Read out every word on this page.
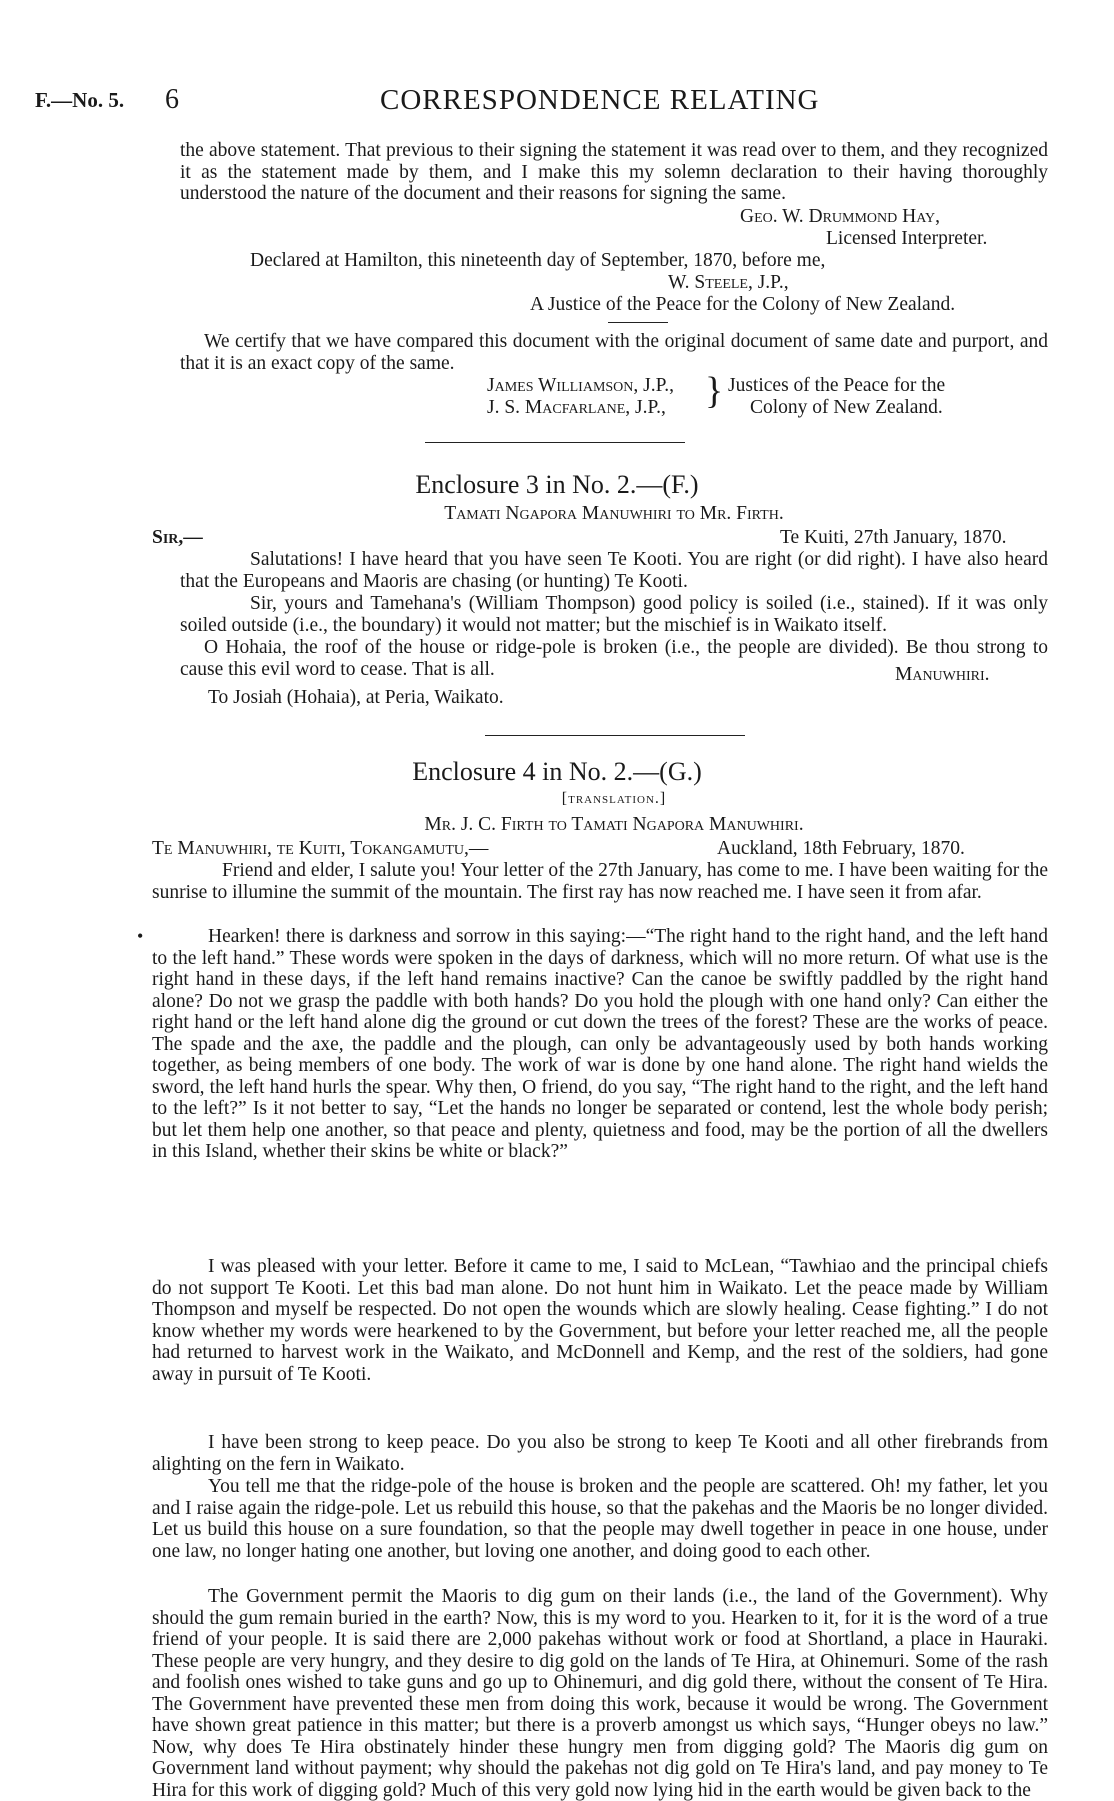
F.—No. 5. 6	CORRESPONDENCE RELATING
the above statement. That previous to their signing the statement it was read over to them, and they recognized it as the statement made by them, and I make this my solemn declaration to their having thoroughly understood the nature of the document and their reasons for signing the same.
Geo. W. Drummond Hay,
Licensed Interpreter.
Declared at Hamilton, this nineteenth day of September, 1870, before me,
W. Steele, J.P.,
A Justice of the Peace for the Colony of New Zealand.
We certify that we have compared this document with the original document of same date and purport, and that it is an exact copy of the same.
James Williamson, J.P.,
J. S. Macfarlane, J.P., } Justices of the Peace for the
Colony of New Zealand.
Enclosure 3 in No. 2.—(F.)
Tamati Ngapora Manuwhiri to Mr. Firth.
Sir,—	Te Kuiti, 27th January, 1870.
Salutations! I have heard that you have seen Te Kooti. You are right (or did right). I have also heard that the Europeans and Maoris are chasing (or hunting) Te Kooti.
Sir, yours and Tamehana's (William Thompson) good policy is soiled (i.e., stained). If it was only soiled outside (i.e., the boundary) it would not matter; but the mischief is in Waikato itself.
O Hohaia, the roof of the house or ridge-pole is broken (i.e., the people are divided). Be thou strong to cause this evil word to cease. That is all.	Manuwhiri.
To Josiah (Hohaia), at Peria, Waikato.
Enclosure 4 in No. 2.—(G.)
[translation.]
Mr. J. C. Firth to Tamati Ngapora Manuwhiri.
Te Manuwhiri, te Kuiti, Tokangamutu,—	Auckland, 18th February, 1870.
Friend and elder, I salute you! Your letter of the 27th January, has come to me. I have been waiting for the sunrise to illumine the summit of the mountain. The first ray has now reached me. I have seen it from afar.
•	Hearken! there is darkness and sorrow in this saying:—“The right hand to the right hand, and the left hand to the left hand.” These words were spoken in the days of darkness, which will no more return. Of what use is the right hand in these days, if the left hand remains inactive? Can the canoe be swiftly paddled by the right hand alone? Do not we grasp the paddle with both hands? Do you hold the plough with one hand only? Can either the right hand or the left hand alone dig the ground or cut down the trees of the forest? These are the works of peace. The spade and the axe, the paddle and the plough, can only be advantageously used by both hands working together, as being members of one body. The work of war is done by one hand alone. The right hand wields the sword, the left hand hurls the spear. Why then, O friend, do you say, “The right hand to the right, and the left hand to the left?” Is it not better to say, “Let the hands no longer be separated or contend, lest the whole body perish; but let them help one another, so that peace and plenty, quietness and food, may be the portion of all the dwellers in this Island, whether their skins be white or black?”
I was pleased with your letter. Before it came to me, I said to McLean, “Tawhiao and the principal chiefs do not support Te Kooti. Let this bad man alone. Do not hunt him in Waikato. Let the peace made by William Thompson and myself be respected. Do not open the wounds which are slowly healing. Cease fighting.” I do not know whether my words were hearkened to by the Government, but before your letter reached me, all the people had returned to harvest work in the Waikato, and McDonnell and Kemp, and the rest of the soldiers, had gone away in pursuit of Te Kooti.
I have been strong to keep peace. Do you also be strong to keep Te Kooti and all other firebrands from alighting on the fern in Waikato.
You tell me that the ridge-pole of the house is broken and the people are scattered. Oh! my father, let you and I raise again the ridge-pole. Let us rebuild this house, so that the pakehas and the Maoris be no longer divided. Let us build this house on a sure foundation, so that the people may dwell together in peace in one house, under one law, no longer hating one another, but loving one another, and doing good to each other.
The Government permit the Maoris to dig gum on their lands (i.e., the land of the Government). Why should the gum remain buried in the earth? Now, this is my word to you. Hearken to it, for it is the word of a true friend of your people. It is said there are 2,000 pakehas without work or food at Shortland, a place in Hauraki. These people are very hungry, and they desire to dig gold on the lands of Te Hira, at Ohinemuri. Some of the rash and foolish ones wished to take guns and go up to Ohinemuri, and dig gold there, without the consent of Te Hira. The Government have prevented these men from doing this work, because it would be wrong. The Government have shown great patience in this matter; but there is a proverb amongst us which says, “Hunger obeys no law.” Now, why does Te Hira obstinately hinder these hungry men from digging gold? The Maoris dig gum on Government land without payment; why should the pakehas not dig gold on Te Hira's land, and pay money to Te Hira for this work of digging gold? Much of this very gold now lying hid in the earth would be given back to the
